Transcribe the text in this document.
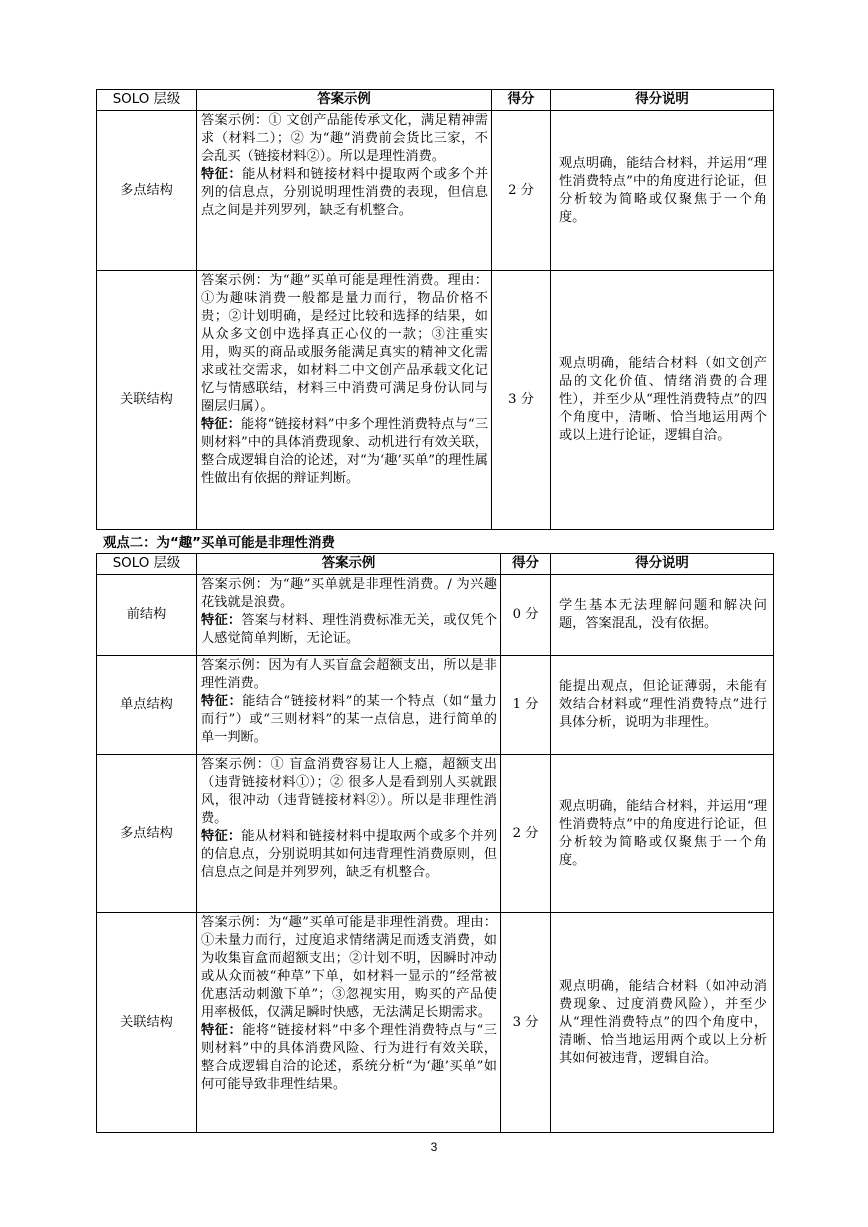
SOLO 层级	答案示例	得分	得分说明
多点结构	答案示例：① 文创产品能传承文化，满足精神需求（材料二）；② 为“趣”消费前会货比三家，不会乱买（链接材料②）。所以是理性消费。
特征：能从材料和链接材料中提取两个或多个并列的信息点，分别说明理性消费的表现，但信息点之间是并列罗列，缺乏有机整合。	2 分	观点明确，能结合材料，并运用“理性消费特点”中的角度进行论证，但分析较为简略或仅聚焦于一个角度。
关联结构	答案示例：为“趣”买单可能是理性消费。理由：①为趣味消费一般都是量力而行，物品价格不贵；②计划明确，是经过比较和选择的结果，如从众多文创中选择真正心仪的一款；③注重实用，购买的商品或服务能满足真实的精神文化需求或社交需求，如材料二中文创产品承载文化记忆与情感联结，材料三中消费可满足身份认同与圈层归属）。
特征：能将“链接材料”中多个理性消费特点与“三则材料”中的具体消费现象、动机进行有效关联，整合成逻辑自洽的论述，对“为‘趣’买单”的理性属性做出有依据的辩证判断。	3 分	观点明确，能结合材料（如文创产品的文化价值、情绪消费的合理性），并至少从“理性消费特点”的四个角度中，清晰、恰当地运用两个或以上进行论证，逻辑自洽。

观点二：为“趣”买单可能是非理性消费

SOLO 层级	答案示例	得分	得分说明
前结构	答案示例：为“趣”买单就是非理性消费。/ 为兴趣花钱就是浪费。
特征：答案与材料、理性消费标准无关，或仅凭个人感觉简单判断，无论证。	0 分	学生基本无法理解问题和解决问题，答案混乱，没有依据。
单点结构	答案示例：因为有人买盲盒会超额支出，所以是非理性消费。
特征：能结合“链接材料”的某一个特点（如“量力而行”）或“三则材料”的某一点信息，进行简单的单一判断。	1 分	能提出观点，但论证薄弱，未能有效结合材料或“理性消费特点”进行具体分析，说明为非理性。
多点结构	答案示例：① 盲盒消费容易让人上瘾，超额支出（违背链接材料①）；② 很多人是看到别人买就跟风，很冲动（违背链接材料②）。所以是非理性消费。
特征：能从材料和链接材料中提取两个或多个并列的信息点，分别说明其如何违背理性消费原则，但信息点之间是并列罗列，缺乏有机整合。	2 分	观点明确，能结合材料，并运用“理性消费特点”中的角度进行论证，但分析较为简略或仅聚焦于一个角度。
关联结构	答案示例：为“趣”买单可能是非理性消费。理由：①未量力而行，过度追求情绪满足而透支消费，如为收集盲盒而超额支出；②计划不明，因瞬时冲动或从众而被“种草”下单，如材料一显示的“经常被优惠活动刺激下单”；③忽视实用，购买的产品使用率极低，仅满足瞬时快感，无法满足长期需求。
特征：能将“链接材料”中多个理性消费特点与“三则材料”中的具体消费风险、行为进行有效关联，整合成逻辑自洽的论述，系统分析“为‘趣’买单”如何可能导致非理性结果。	3 分	观点明确，能结合材料（如冲动消费现象、过度消费风险），并至少从“理性消费特点”的四个角度中，清晰、恰当地运用两个或以上分析其如何被违背，逻辑自洽。
3
